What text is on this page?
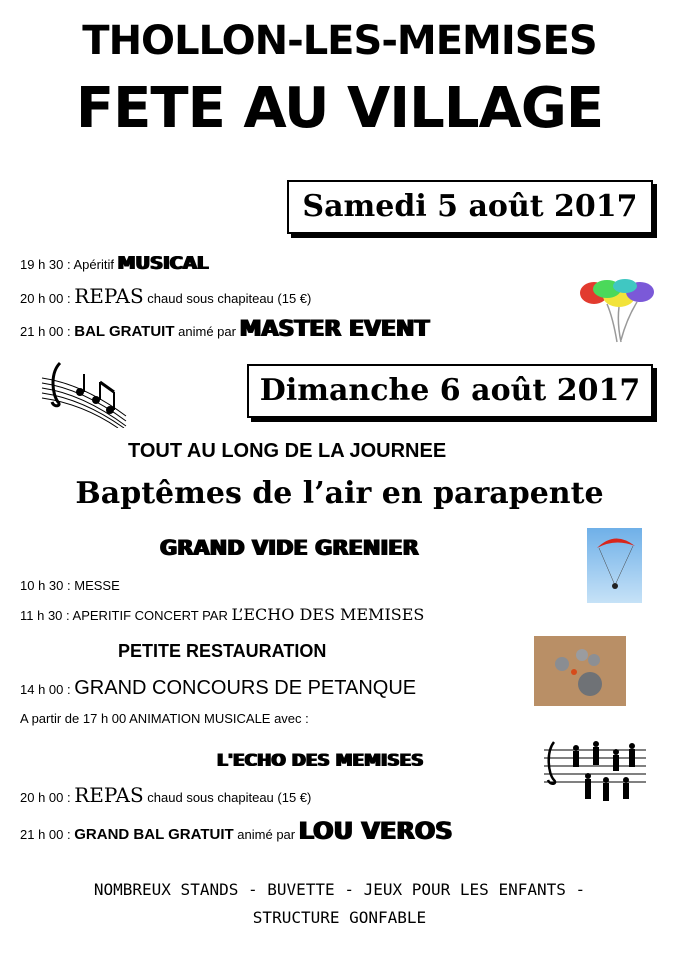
THOLLON-LES-MEMISES
FETE AU VILLAGE
Samedi 5 août 2017
19 h 30 : Apéritif MUSICAL
20 h 00 : REPAS chaud sous chapiteau (15 €)
21 h 00 : BAL GRATUIT animé par MASTER EVENT
Dimanche 6 août 2017
TOUT AU LONG DE LA JOURNEE
Baptêmes de l’air en parapente
GRAND VIDE GRENIER
10 h 30 : MESSE
11 h 30 : APERITIF CONCERT PAR L’ECHO DES MEMISES
PETITE RESTAURATION
14 h 00 : GRAND CONCOURS DE PETANQUE
A partir de 17 h 00 ANIMATION MUSICALE avec :
L'ECHO DES MEMISES
20 h 00 : REPAS chaud sous chapiteau (15 €)
21 h 00 : GRAND BAL GRATUIT animé par LOU VEROS
NOMBREUX STANDS - BUVETTE - JEUX POUR LES ENFANTS -
STRUCTURE GONFABLE
